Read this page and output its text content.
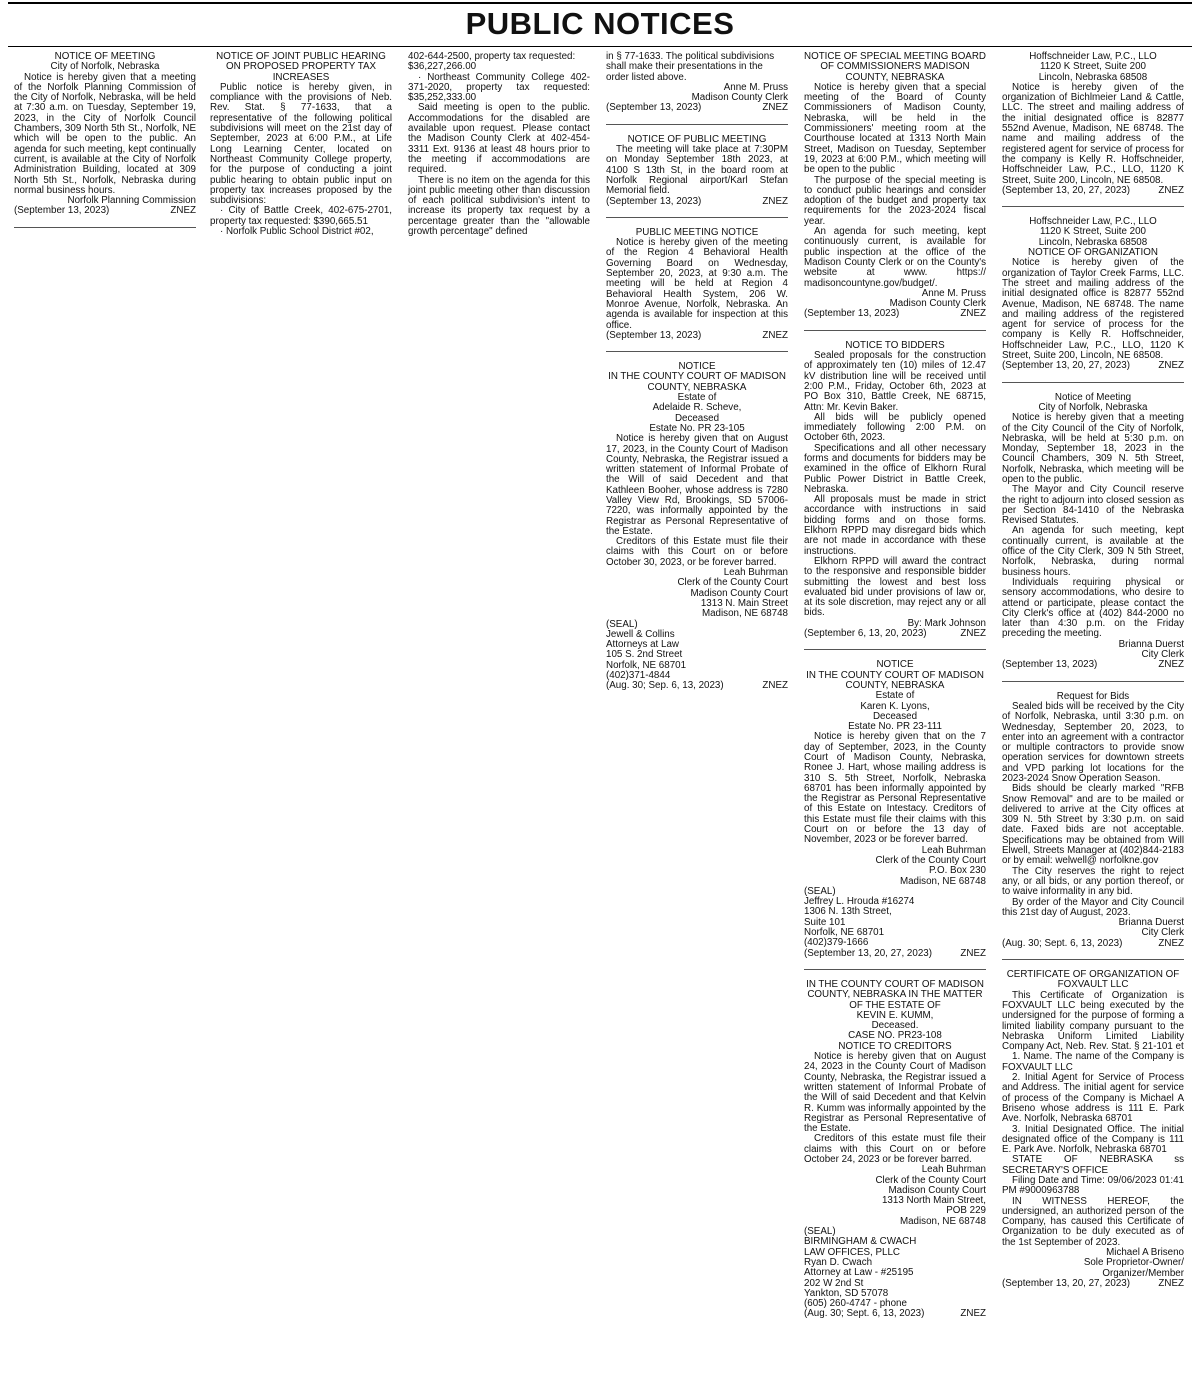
PUBLIC NOTICES
NOTICE OF MEETING
City of Norfolk, Nebraska
Notice is hereby given that a meeting of the Norfolk Planning Commission of the City of Norfolk, Nebraska, will be held at 7:30 a.m. on Tuesday, September 19, 2023, in the City of Norfolk Council Chambers, 309 North 5th St., Norfolk, NE which will be open to the public. An agenda for such meeting, kept continually current, is available at the City of Norfolk Administration Building, located at 309 North 5th St., Norfolk, Nebraska during normal business hours.
Norfolk Planning Commission
(September 13, 2023)	ZNEZ
NOTICE OF JOINT PUBLIC HEARING ON PROPOSED PROPERTY TAX INCREASES
Public notice is hereby given, in compliance with the provisions of Neb. Rev. Stat. § 77-1633, that a representative of the following political subdivisions will meet on the 21st day of September, 2023 at 6:00 P.M., at Life Long Learning Center, located on Northeast Community College property, for the purpose of conducting a joint public hearing to obtain public input on property tax increases proposed by the subdivisions:
· City of Battle Creek, 402-675-2701, property tax requested: $390,665.51
· Norfolk Public School District #02,
402-644-2500, property tax requested: $36,227,266.00
· Northeast Community College 402-371-2020, property tax requested: $35,252,333.00
Said meeting is open to the public. Accommodations for the disabled are available upon request. Please contact the Madison County Clerk at 402-454-3311 Ext. 9136 at least 48 hours prior to the meeting if accommodations are required.
There is no item on the agenda for this joint public meeting other than discussion of each political subdivision's intent to increase its property tax request by a percentage greater than the "allowable growth percentage" defined
in § 77-1633. The political subdivisions shall make their presentations in the order listed above.
Anne M. Pruss
Madison County Clerk
(September 13, 2023)	ZNEZ
NOTICE OF PUBLIC MEETING
The meeting will take place at 7:30PM on Monday September 18th 2023, at 4100 S 13th St, in the board room at Norfolk Regional airport/Karl Stefan Memorial field.
(September 13, 2023)	ZNEZ
PUBLIC MEETING NOTICE
Notice is hereby given of the meeting of the Region 4 Behavioral Health Governing Board on Wednesday, September 20, 2023, at 9:30 a.m. The meeting will be held at Region 4 Behavioral Health System, 206 W. Monroe Avenue, Norfolk, Nebraska. An agenda is available for inspection at this office.
(September 13, 2023)	ZNEZ
NOTICE
IN THE COUNTY COURT OF MADISON COUNTY, NEBRASKA
Estate of
Adelaide R. Scheve,
Deceased
Estate No. PR 23-105
Notice is hereby given that on August 17, 2023, in the County Court of Madison County, Nebraska, the Registrar issued a written statement of Informal Probate of the Will of said Decedent and that Kathleen Booher, whose address is 7280 Valley View Rd, Brookings, SD 57006-7220, was informally appointed by the Registrar as Personal Representative of the Estate.
Creditors of this Estate must file their claims with this Court on or before October 30, 2023, or be forever barred.
Leah Buhrman
Clerk of the County Court
Madison County Court
1313 N. Main Street
Madison, NE 68748
(SEAL)
Jewell & Collins
Attorneys at Law
105 S. 2nd Street
Norfolk, NE 68701
(402)371-4844
(Aug. 30; Sep. 6, 13, 2023)	ZNEZ
NOTICE OF SPECIAL MEETING BOARD OF COMMISSIONERS MADISON COUNTY, NEBRASKA
Notice is hereby given that a special meeting of the Board of County Commissioners of Madison County, Nebraska, will be held in the Commissioners' meeting room at the Courthouse located at 1313 North Main Street, Madison on Tuesday, September 19, 2023 at 6:00 P.M., which meeting will be open to the public
The purpose of the special meeting is to conduct public hearings and consider adoption of the budget and property tax requirements for the 2023-2024 fiscal year.
An agenda for such meeting, kept continuously current, is available for public inspection at the office of the Madison County Clerk or on the County's website at www. https:// madisoncountyne.gov/budget/.
Anne M. Pruss
Madison County Clerk
(September 13, 2023)	ZNEZ
NOTICE TO BIDDERS
Sealed proposals for the construction of approximately ten (10) miles of 12.47 kV distribution line will be received until 2:00 P.M., Friday, October 6th, 2023 at PO Box 310, Battle Creek, NE 68715, Attn: Mr. Kevin Baker.
All bids will be publicly opened immediately following 2:00 P.M. on October 6th, 2023.
Specifications and all other necessary forms and documents for bidders may be examined in the office of Elkhorn Rural Public Power District in Battle Creek, Nebraska.
All proposals must be made in strict accordance with instructions in said bidding forms and on those forms. Elkhorn RPPD may disregard bids which are not made in accordance with these instructions.
Elkhorn RPPD will award the contract to the responsive and responsible bidder submitting the lowest and best loss evaluated bid under provisions of law or, at its sole discretion, may reject any or all bids.
By: Mark Johnson
(September 6, 13, 20, 2023)	ZNEZ
NOTICE
IN THE COUNTY COURT OF MADISON COUNTY, NEBRASKA
Estate of
Karen K. Lyons,
Deceased
Estate No. PR 23-111
Notice is hereby given that on the 7 day of September, 2023, in the County Court of Madison County, Nebraska, Ronee J. Hart, whose mailing address is 310 S. 5th Street, Norfolk, Nebraska 68701 has been informally appointed by the Registrar as Personal Representative of this Estate on Intestacy. Creditors of this Estate must file their claims with this Court on or before the 13 day of November, 2023 or be forever barred.
Leah Buhrman
Clerk of the County Court
P.O. Box 230
Madison, NE 68748
(SEAL)
Jeffrey L. Hrouda #16274
1306 N. 13th Street,
Suite 101
Norfolk, NE 68701
(402)379-1666
(September 13, 20, 27, 2023)	ZNEZ
IN THE COUNTY COURT OF MADISON COUNTY, NEBRASKA IN THE MATTER OF THE ESTATE OF
KEVIN E. KUMM,
Deceased.
CASE NO. PR23-108
NOTICE TO CREDITORS
Notice is hereby given that on August 24, 2023 in the County Court of Madison County, Nebraska, the Registrar issued a written statement of Informal Probate of the Will of said Decedent and that Kelvin R. Kumm was informally appointed by the Registrar as Personal Representative of the Estate.
Creditors of this estate must file their claims with this Court on or before October 24, 2023 or be forever barred.
Leah Buhrman
Clerk of the County Court
Madison County Court
1313 North Main Street,
POB 229
Madison, NE 68748
(SEAL)
BIRMINGHAM & CWACH
LAW OFFICES, PLLC
Ryan D. Cwach
Attorney at Law - #25195
202 W 2nd St
Yankton, SD 57078
(605) 260-4747 - phone
(Aug. 30; Sept. 6, 13, 2023)	ZNEZ
Hoffschneider Law, P.C., LLO
1120 K Street, Suite 200
Lincoln, Nebraska 68508
Notice is hereby given of the organization of Bichlmeier Land & Cattle, LLC. The street and mailing address of the initial designated office is 82877 552nd Avenue, Madison, NE 68748. The name and mailing address of the registered agent for service of process for the company is Kelly R. Hoffschneider, Hoffschneider Law, P.C., LLO, 1120 K Street, Suite 200, Lincoln, NE 68508.
(September 13, 20, 27, 2023)	ZNEZ
Hoffschneider Law, P.C., LLO
1120 K Street, Suite 200
Lincoln, Nebraska 68508
NOTICE OF ORGANIZATION
Notice is hereby given of the organization of Taylor Creek Farms, LLC. The street and mailing address of the initial designated office is 82877 552nd Avenue, Madison, NE 68748. The name and mailing address of the registered agent for service of process for the company is Kelly R. Hoffschneider, Hoffschneider Law, P.C., LLO, 1120 K Street, Suite 200, Lincoln, NE 68508.
(September 13, 20, 27, 2023)	ZNEZ
Notice of Meeting
City of Norfolk, Nebraska
Notice is hereby given that a meeting of the City Council of the City of Norfolk, Nebraska, will be held at 5:30 p.m. on Monday, September 18, 2023 in the Council Chambers, 309 N. 5th Street, Norfolk, Nebraska, which meeting will be open to the public.
The Mayor and City Council reserve the right to adjourn into closed session as per Section 84-1410 of the Nebraska Revised Statutes.
An agenda for such meeting, kept continually current, is available at the office of the City Clerk, 309 N 5th Street, Norfolk, Nebraska, during normal business hours.
Individuals requiring physical or sensory accommodations, who desire to attend or participate, please contact the City Clerk's office at (402) 844-2000 no later than 4:30 p.m. on the Friday preceding the meeting.
Brianna Duerst
City Clerk
(September 13, 2023)	ZNEZ
Request for Bids
Sealed bids will be received by the City of Norfolk, Nebraska, until 3:30 p.m. on Wednesday, September 20, 2023, to enter into an agreement with a contractor or multiple contractors to provide snow operation services for downtown streets and VPD parking lot locations for the 2023-2024 Snow Operation Season.
Bids should be clearly marked "RFB Snow Removal" and are to be mailed or delivered to arrive at the City offices at 309 N. 5th Street by 3:30 p.m. on said date. Faxed bids are not acceptable. Specifications may be obtained from Will Elwell, Streets Manager at (402)844-2183 or by email: welwell@ norfolkne.gov
The City reserves the right to reject any, or all bids, or any portion thereof, or to waive informality in any bid.
By order of the Mayor and City Council this 21st day of August, 2023.
Brianna Duerst
City Clerk
(Aug. 30; Sept. 6, 13, 2023)	ZNEZ
CERTIFICATE OF ORGANIZATION OF
FOXVAULT LLC
This Certificate of Organization is FOXVAULT LLC being executed by the undersigned for the purpose of forming a limited liability company pursuant to the Nebraska Uniform Limited Liability Company Act, Neb. Rev. Stat. § 21-101 et
1. Name. The name of the Company is FOXVAULT LLC
2. Initial Agent for Service of Process and Address. The initial agent for service of process of the Company is Michael A Briseno whose address is 111 E. Park Ave. Norfolk, Nebraska 68701
3. Initial Designated Office. The initial designated office of the Company is 111 E. Park Ave. Norfolk, Nebraska 68701
STATE OF NEBRASKA ss SECRETARY'S OFFICE
Filing Date and Time: 09/06/2023 01:41 PM #9000963788
IN WITNESS HEREOF, the undersigned, an authorized person of the Company, has caused this Certificate of Organization to be duly executed as of the 1st September of 2023.
Michael A Briseno
Sole Proprietor-Owner/
Organizer/Member
(September 13, 20, 27, 2023)	ZNEZ
